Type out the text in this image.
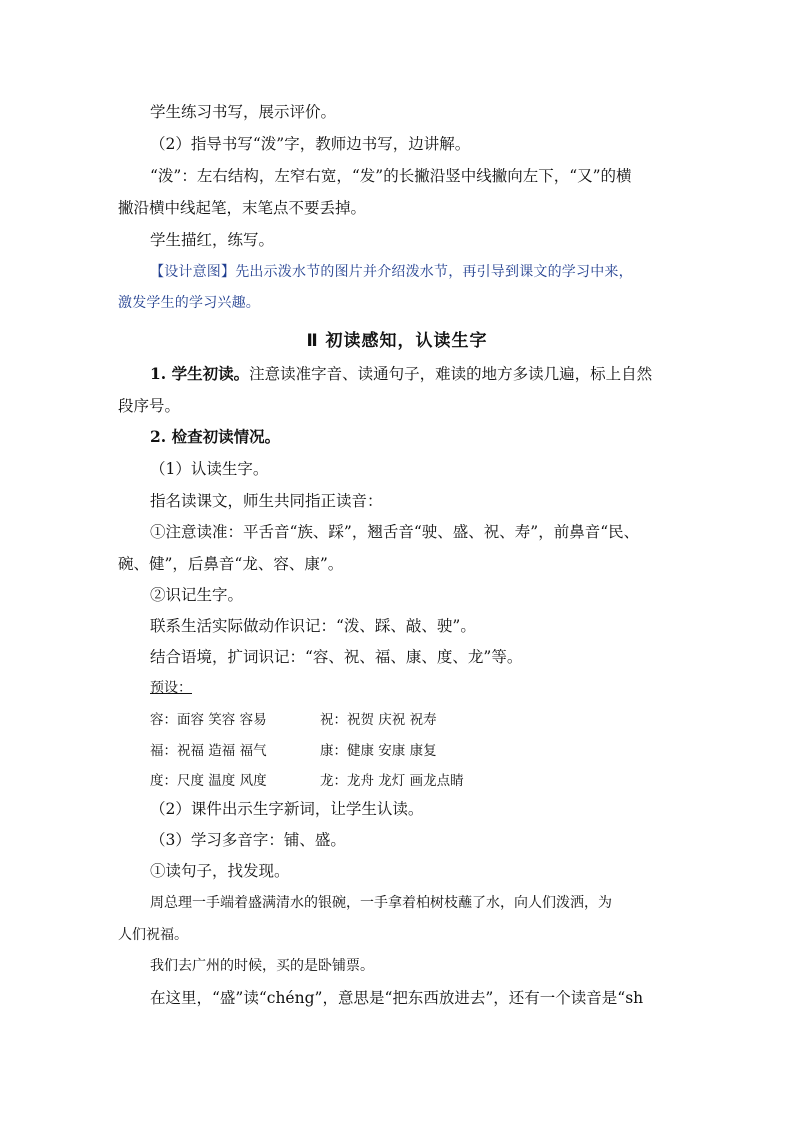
学生练习书写，展示评价。
（2）指导书写“泼”字，教师边书写，边讲解。
“泼”：左右结构，左窄右宽，“发”的长撇沿竖中线撇向左下，“又”的横
撇沿横中线起笔，末笔点不要丢掉。
学生描红，练写。
【设计意图】先出示泼水节的图片并介绍泼水节，再引导到课文的学习中来，
激发学生的学习兴趣。
Ⅱ 初读感知，认读生字
1. 学生初读。注意读准字音、读通句子，难读的地方多读几遍，标上自然
段序号。
2. 检查初读情况。
（1）认读生字。
指名读课文，师生共同指正读音：
①注意读准：平舌音“族、踩”，翘舌音“驶、盛、祝、寿”，前鼻音“民、
碗、健”，后鼻音“龙、容、康”。
②识记生字。
联系生活实际做动作识记：“泼、踩、敲、驶”。
结合语境，扩词识记：“容、祝、福、康、度、龙”等。
预设：
容：面容 笑容 容易	祝：祝贺 庆祝 祝寿
福：祝福 造福 福气	康：健康 安康 康复
度：尺度 温度 风度	龙：龙舟 龙灯 画龙点睛
（2）课件出示生字新词，让学生认读。
（3）学习多音字：铺、盛。
①读句子，找发现。
周总理一手端着盛满清水的银碗，一手拿着柏树枝蘸了水，向人们泼洒，为
人们祝福。
我们去广州的时候，买的是卧铺票。
在这里，“盛”读“chéng”，意思是“把东西放进去”，还有一个读音是“sh
